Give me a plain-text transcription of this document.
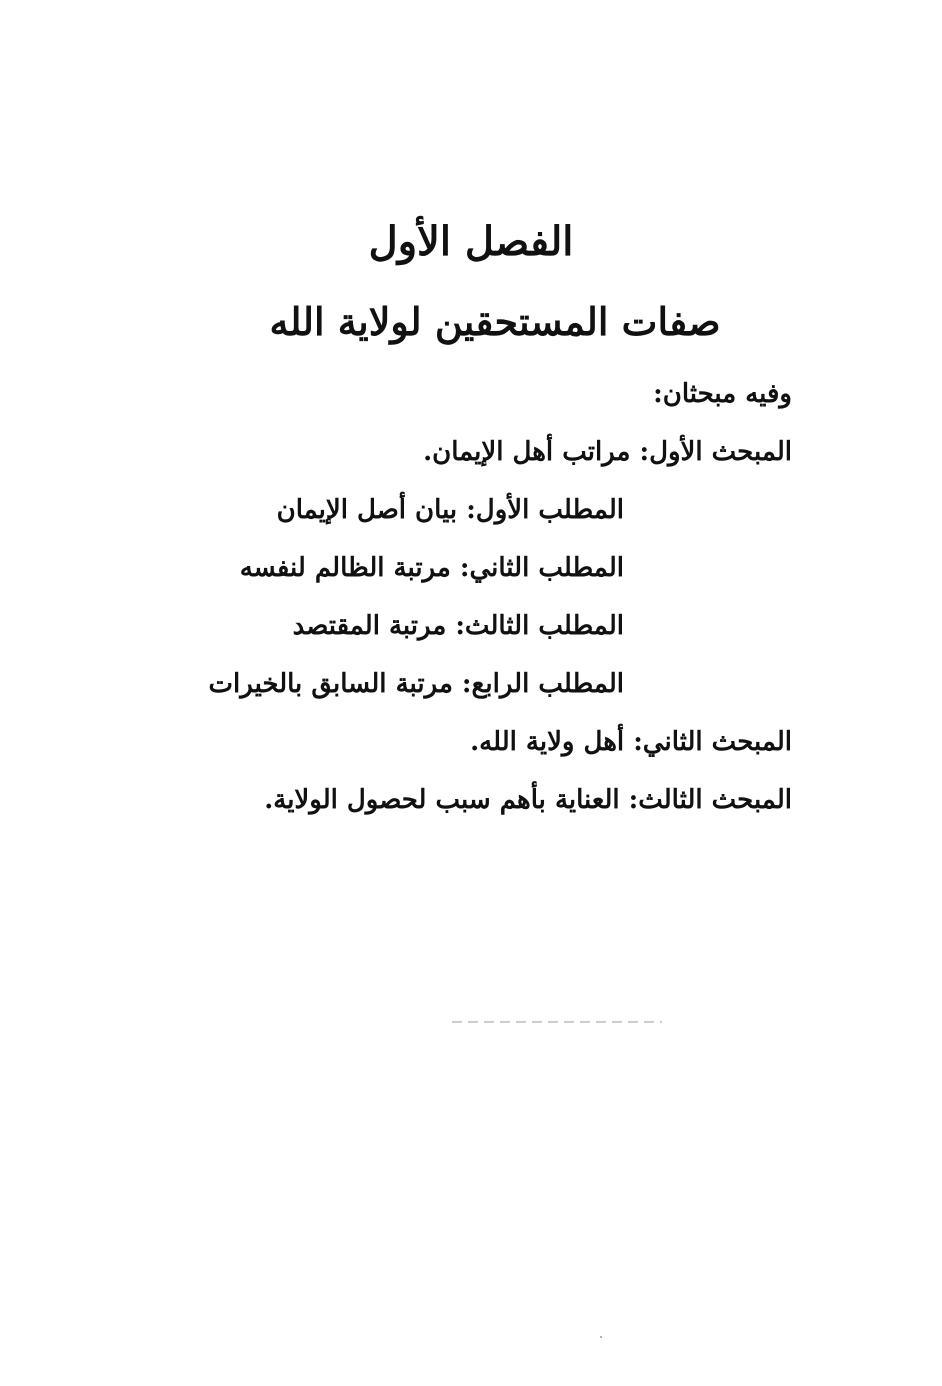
الفصل الأول
صفات المستحقين لولاية الله
وفيه مبحثان:
المبحث الأول: مراتب أهل الإيمان.
المطلب الأول: بيان أصل الإيمان
المطلب الثاني: مرتبة الظالم لنفسه
المطلب الثالث: مرتبة المقتصد
المطلب الرابع: مرتبة السابق بالخيرات
المبحث الثاني: أهل ولاية الله.
المبحث الثالث: العناية بأهم سبب لحصول الولاية.
